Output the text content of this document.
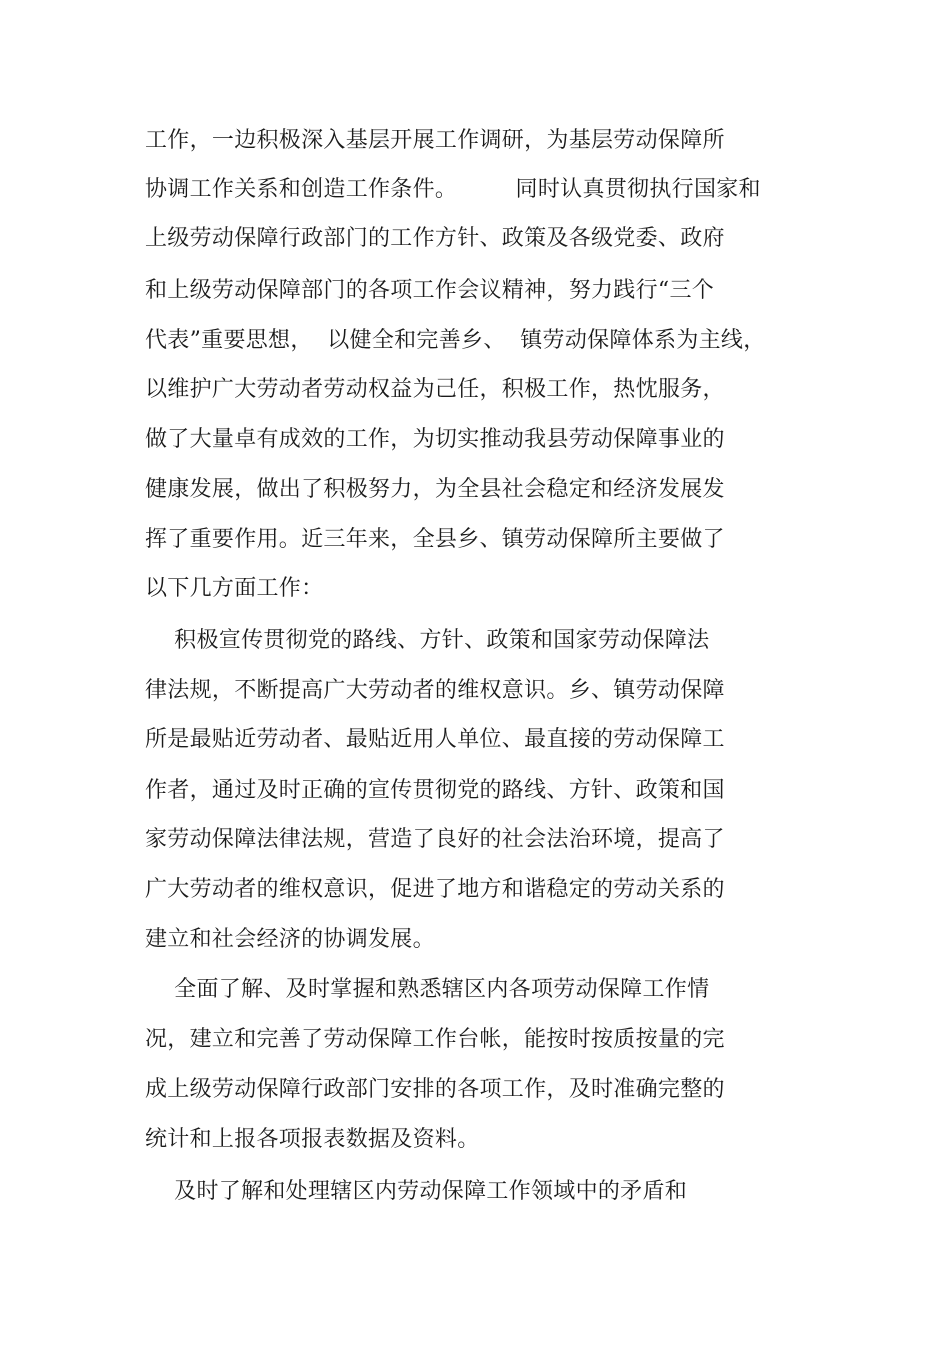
工作，一边积极深入基层开展工作调研，为基层劳动保障所
协调工作关系和创造工作条件。        同时认真贯彻执行国家和
上级劳动保障行政部门的工作方针、政策及各级党委、政府
和上级劳动保障部门的各项工作会议精神，努力践行“三个
代表”重要思想，  以健全和完善乡、  镇劳动保障体系为主线，
以维护广大劳动者劳动权益为己任，积极工作，热忱服务，
做了大量卓有成效的工作，为切实推动我县劳动保障事业的
健康发展，做出了积极努力，为全县社会稳定和经济发展发
挥了重要作用。近三年来，全县乡、镇劳动保障所主要做了
以下几方面工作：
积极宣传贯彻党的路线、方针、政策和国家劳动保障法
律法规，不断提高广大劳动者的维权意识。乡、镇劳动保障
所是最贴近劳动者、最贴近用人单位、最直接的劳动保障工
作者，通过及时正确的宣传贯彻党的路线、方针、政策和国
家劳动保障法律法规，营造了良好的社会法治环境，提高了
广大劳动者的维权意识，促进了地方和谐稳定的劳动关系的
建立和社会经济的协调发展。
全面了解、及时掌握和熟悉辖区内各项劳动保障工作情
况，建立和完善了劳动保障工作台帐，能按时按质按量的完
成上级劳动保障行政部门安排的各项工作，及时准确完整的
统计和上报各项报表数据及资料。
及时了解和处理辖区内劳动保障工作领域中的矛盾和
